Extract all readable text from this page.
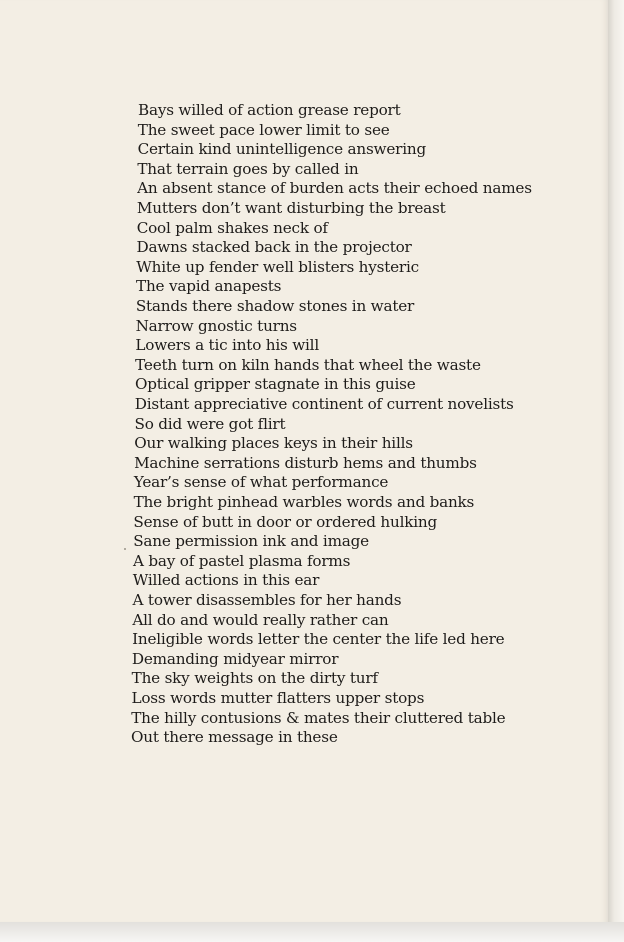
Bays willed of action grease report
The sweet pace lower limit to see
Certain kind unintelligence answering
That terrain goes by called in
An absent stance of burden acts their echoed names
Mutters don’t want disturbing the breast
Cool palm shakes neck of
Dawns stacked back in the projector
White up fender well blisters hysteric
The vapid anapests
Stands there shadow stones in water
Narrow gnostic turns
Lowers a tic into his will
Teeth turn on kiln hands that wheel the waste
Optical gripper stagnate in this guise
Distant appreciative continent of current novelists
So did were got flirt
Our walking places keys in their hills
Machine serrations disturb hems and thumbs
Year’s sense of what performance
The bright pinhead warbles words and banks
Sense of butt in door or ordered hulking
Sane permission ink and image
A bay of pastel plasma forms
Willed actions in this ear
A tower disassembles for her hands
All do and would really rather can
Ineligible words letter the center the life led here
Demanding midyear mirror
The sky weights on the dirty turf
Loss words mutter flatters upper stops
The hilly contusions & mates their cluttered table
Out there message in these
